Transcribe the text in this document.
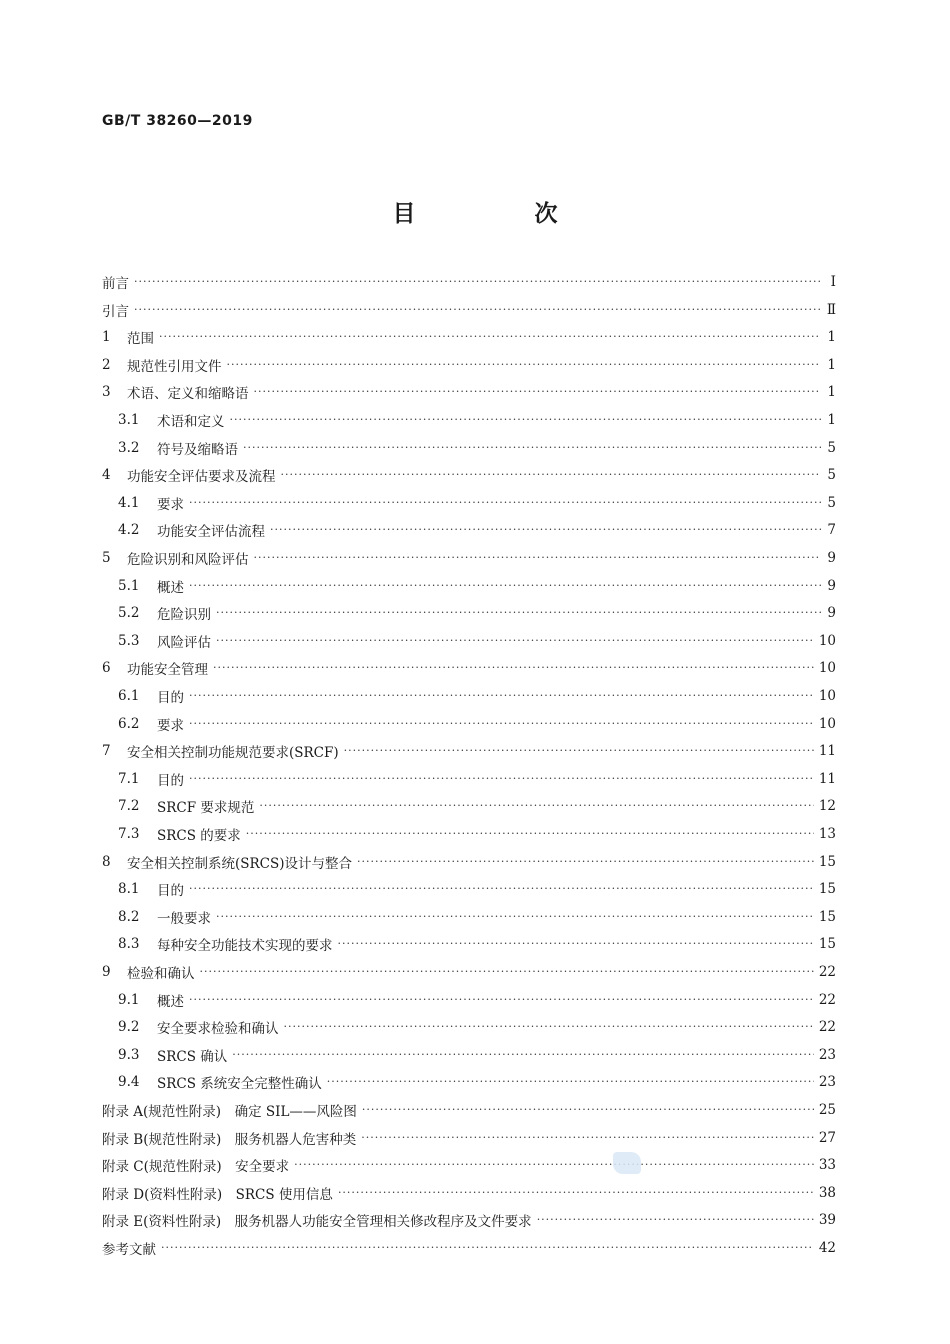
GB/T 38260—2019
目　次
前言 ·····	Ⅰ
引言 ·····	Ⅱ
1	范围 ·····	1
2	规范性引用文件 ·····	1
3	术语、定义和缩略语 ·····	1
3.1	术语和定义 ·····	1
3.2	符号及缩略语 ·····	5
4	功能安全评估要求及流程 ·····	5
4.1	要求 ·····	5
4.2	功能安全评估流程 ·····	7
5	危险识别和风险评估 ·····	9
5.1	概述 ·····	9
5.2	危险识别 ·····	9
5.3	风险评估 ·····	10
6	功能安全管理 ·····	10
6.1	目的 ·····	10
6.2	要求 ·····	10
7	安全相关控制功能规范要求(SRCF) ·····	11
7.1	目的 ·····	11
7.2	SRCF 要求规范 ·····	12
7.3	SRCS 的要求 ·····	13
8	安全相关控制系统(SRCS)设计与整合 ·····	15
8.1	目的 ·····	15
8.2	一般要求 ·····	15
8.3	每种安全功能技术实现的要求 ·····	15
9	检验和确认 ·····	22
9.1	概述 ·····	22
9.2	安全要求检验和确认 ·····	22
9.3	SRCS 确认 ·····	23
9.4	SRCS 系统安全完整性确认 ·····	23
附录 A(规范性附录)　确定 SIL——风险图 ·····	25
附录 B(规范性附录)　服务机器人危害种类 ·····	27
附录 C(规范性附录)　安全要求 ·····	33
附录 D(资料性附录)　SRCS 使用信息 ·····	38
附录 E(资料性附录)　服务机器人功能安全管理相关修改程序及文件要求 ·····	39
参考文献 ·····	42
